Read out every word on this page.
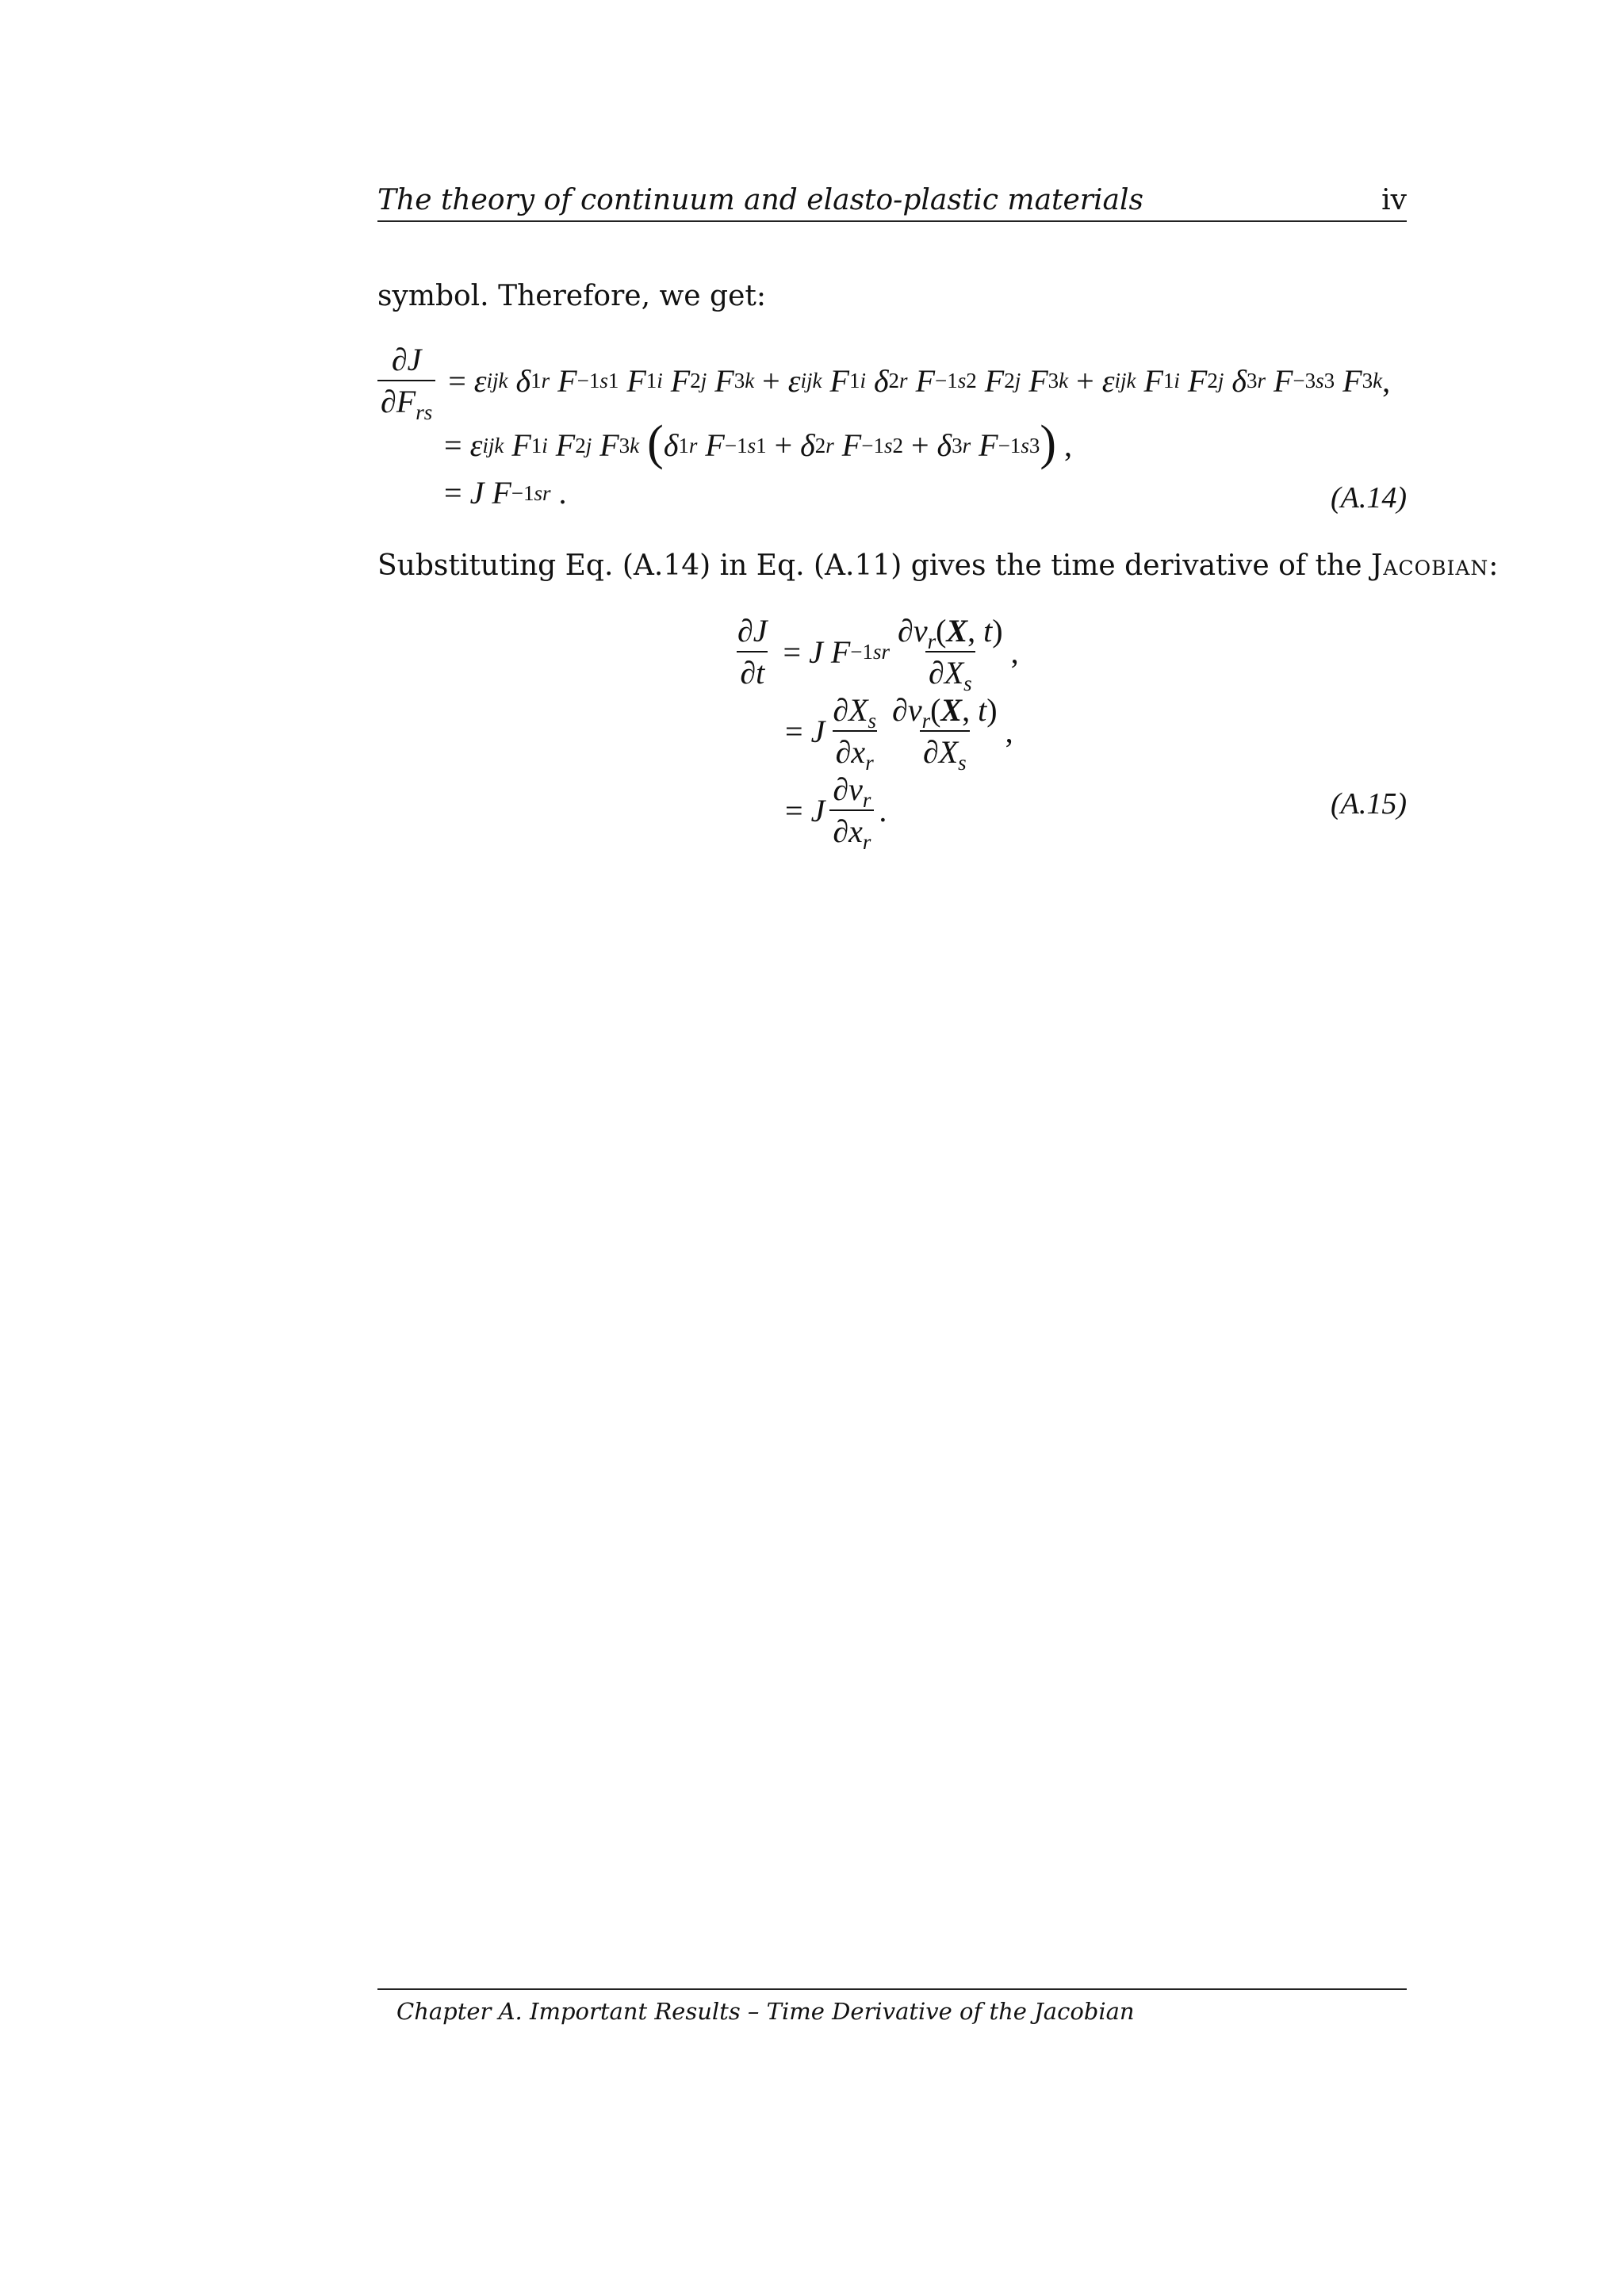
The theory of continuum and elasto-plastic materials	iv
symbol. Therefore, we get:
$\frac{\partial J}{\partial F_{rs}} = \varepsilon$ ijk δ 1 r F −1 s1 F 1i F 2j F 3k + ε ijk F 1i δ 2r F −1 s2 F 2j F 3k + ε ijk F 1i F 2j δ 3r F −3 s3 F 3k ,
= ε ijk F 1i F 2j F 3k ( δ 1r F −1 s1 + δ 2r F −1 s2 + δ 3r F −1 s3 ) ,
= J F −1 sr .	(A.14)
Substituting Eq. (A.14) in Eq. (A.11) gives the time derivative of the Jacobian:
$\frac{\partial J}{\partial t} = J$ F −1 sr $\frac{\partial v_r(X, t)}{\partial X_s}$ ,
= J $\frac{\partial X_s}{\partial x_r} \frac{\partial v_r(X, t)}{\partial X_s}$ ,
= J $\frac{\partial v_r}{\partial x_r}$ .	(A.15)
Chapter A. Important Results – Time Derivative of the Jacobian
